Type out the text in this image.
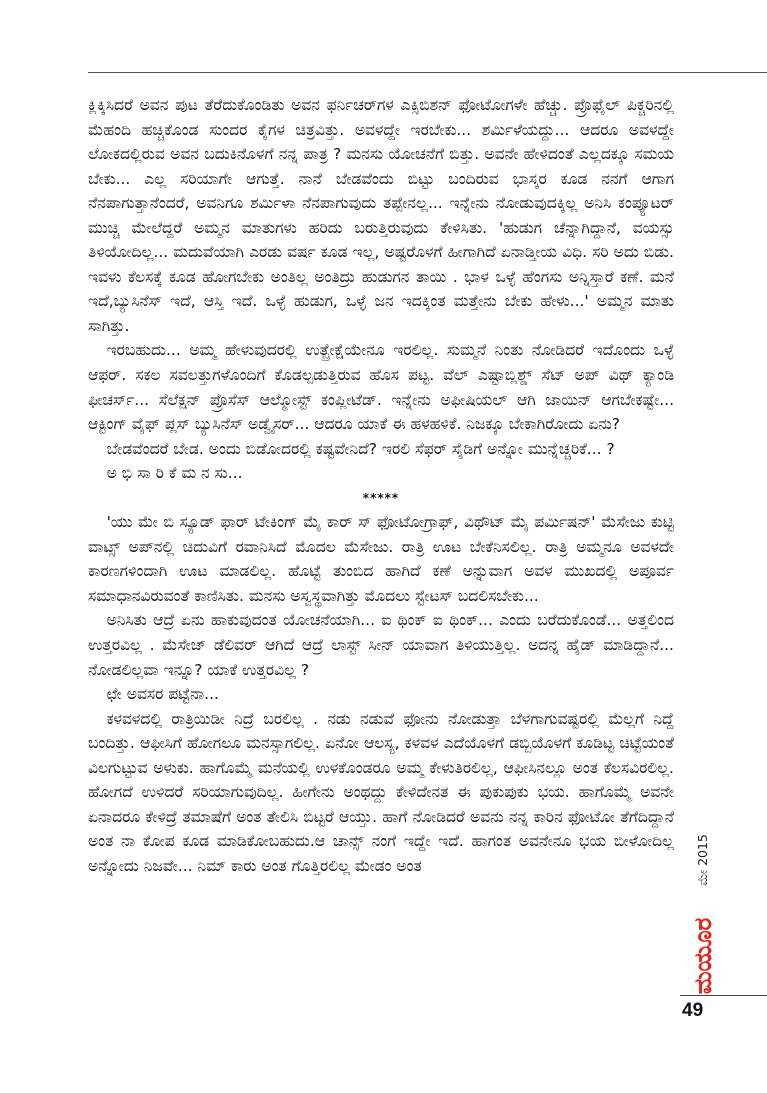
ಕ್ಲಿಕ್ಕಿಸಿದರೆ ಅವನ ಪುಟ ತೆರೆದುಕೊಂಡಿತು ಅವನ ಫರ್ನಿಚರ್‌ಗಳ ಎಕ್ಸಿಬಿಶನ್ ಫೋಟೋಗಳೇ ಹೆಚ್ಚು. ಪ್ರೊಫೈಲ್ ಪಿಕ್ಚರಿನಲ್ಲಿ ಮೆಹಂದಿ ಹಚ್ಚಿಕೊಂಡ ಸುಂದರ ಕೈಗಳ ಚಿತ್ರವಿತ್ತು. ಅವಳದ್ದೇ ಇರಬೇಕು... ಶರ್ಮಿಳೆಯದ್ದು... ಆದರೂ ಅವಳದ್ದೇ ಲೋಕದಲ್ಲಿರುವ ಅವನ ಬದುಕಿನೊಳಗೆ ನನ್ನ ಪಾತ್ರ ? ಮನಸು ಯೋಚನೆಗೆ ಬಿತ್ತು. ಅವನೇ ಹೇಳಿದಂತೆ ಎಲ್ಲದಕ್ಕೂ ಸಮಯ ಬೇಕು... ಎಲ್ಲ ಸರಿಯಾಗೇ ಆಗುತ್ತೆ. ನಾನೆ ಬೇಡವೆಂದು ಬಿಟ್ಟು ಬಂದಿರುವ ಭಾಸ್ಕರ ಕೂಡ ನನಗೆ ಆಗಾಗ ನೆನಪಾಗುತ್ತಾನೆಂದರೆ, ಅವನಿಗೂ ಶರ್ಮಿಳಾ ನೆನಪಾಗುವುದು ತಪ್ಪೇನಲ್ಲ... ಇನ್ನೇನು ನೋಡುವುದಕ್ಕಿಲ್ಲ ಅನಿಸಿ ಕಂಪ್ಯೂಟರ್ ಮುಚ್ಚಿ ಮೇಲೆದ್ದರೆ ಅಮ್ಮನ ಮಾತುಗಳು ಹರಿದು ಬರುತ್ತಿರುವುದು ಕೇಳಿಸಿತು. 'ಹುಡುಗ ಚೆನ್ನಾಗಿದ್ದಾನೆ, ವಯಸ್ಸು ತಿಳಿಯೋದಿಲ್ಲ... ಮದುವೆಯಾಗಿ ಎರಡು ವರ್ಷ ಕೂಡ ಇಲ್ಲ, ಅಷ್ಟರೊಳಗೆ ಹೀಗಾಗಿದೆ ಏನಾಡ್ತೀಯ ವಿಧಿ. ಸರಿ ಅದು ಬಿಡು. ಇವಳು ಕೆಲಸಕ್ಕೆ ಕೂಡ ಹೋಗಬೇಕು ಅಂತಿಲ್ಲ ಅಂತಿದ್ರು ಹುಡುಗನ ತಾಯಿ . ಭಾಳ ಒಳ್ಳೆ ಹೆಂಗಸು ಅನ್ನಿಸ್ತಾರೆ ಕಣೆ. ಮನೆ ಇದೆ,ಬ್ಯುಸಿನೆಸ್ ಇದೆ, ಆಸ್ತಿ ಇದೆ. ಒಳ್ಳೆ ಹುಡುಗ, ಒಳ್ಳೆ ಜನ ಇದಕ್ಕಿಂತ ಮತ್ತೇನು ಬೇಕು ಹೇಳು...' ಅಮ್ಮನ ಮಾತು ಸಾಗಿತ್ತು.

ಇರಬಹುದು... ಅಮ್ಮ ಹೇಳುವುದರಲ್ಲಿ ಉತ್ಪ್ರೇಕ್ಷೆಯೇನೂ ಇರಲಿಲ್ಲ. ಸುಮ್ಮನೆ ನಿಂತು ನೋಡಿದರೆ ಇದೊಂದು ಒಳ್ಳೆ ಆಫರ್. ಸಕಲ ಸವಲತ್ತುಗಳೊಂದಿಗೆ ಕೊಡಲ್ಪಡುತ್ತಿರುವ ಹೊಸ ಪಟ್ಟ. ವೆಲ್ ಎಷ್ಟಾಬ್ಲಿಶ್ಡ್ ಸೆಟ್ ಅಪ್ ವಿಥ್ ಕ್ಯಾಂಡಿ ಫೀಚರ್ಸ್... ಸೆಲೆಕ್ಷನ್ ಪ್ರೊಸೆಸ್ ಆಲ್ಮೋಸ್ಟ್ ಕಂಪ್ಲೀಟೆಡ್. ಇನ್ನೇನು ಅಫೀಷಿಯಲ್ ಆಗಿ ಜಾಯಿನ್ ಆಗಬೇಕಷ್ಟೇ... ಆಕ್ಟಿಂಗ್ ವೈಫ್ ಪ್ಲಸ್ ಬ್ಯುಸಿನೆಸ್ ಅಡ್ವೈಸರ್... ಆದರೂ ಯಾಕೆ ಈ ಹಳಹಳಿಕೆ. ನಿಜಕ್ಕೂ ಬೇಕಾಗಿರೋದು ಏನು?

ಬೇಡವೆಂದರೆ ಬೇಡ. ಅಂದು ಬಿಡೋದರಲ್ಲಿ ಕಷ್ಟವೇನಿದೆ? ಇರಲಿ ಸೆಫರ್ ಸೈಡಿಗೆ ಅನ್ನೋ ಮುನ್ನೆಚ್ಚರಿಕೆ... ?

ಅ ಭಿ ಸಾ ರಿ ಕೆ ಮ ನ ಸು...

*****

'ಯು ಮೇ ಬಿ ಸ್ಯೂಡ್ ಫಾರ್ ಟೇಕಿಂಗ್ ಮೈ ಕಾರ್ ಸ್ ಫೋಟೋಗ್ರಾಫ್, ವಿಥೌಟ್ ಮೈ ಪರ್ಮಿಷನ್' ಮೆಸೇಜು ಕುಟ್ಟಿ ವಾಟ್ಸ್ ಅಪ್‌ನಲ್ಲಿ ಚಿದುವಿಗೆ ರವಾನಿಸಿದೆ ಮೊದಲ ಮೆಸೇಜು. ರಾತ್ರಿ ಊಟ ಬೇಕೆನಿಸಲಿಲ್ಲ. ರಾತ್ರಿ ಅಮ್ಮನೂ ಅವಳದೇ ಕಾರಣಗಳಿಂದಾಗಿ ಊಟ ಮಾಡಲಿಲ್ಲ. ಹೊಟ್ಟೆ ತುಂಬಿದ ಹಾಗಿದೆ ಕಣೆ ಅನ್ನುವಾಗ ಅವಳ ಮುಖದಲ್ಲಿ ಅಪೂರ್ವ ಸಮಾಧಾನವಿರುವಂತೆ ಕಾಣಿಸಿತು. ಮನಸು ಅಸ್ವಸ್ಥವಾಗಿತ್ತು ಮೊದಲು ಸ್ಟೇಟಸ್ ಬದಲಿಸಬೇಕು...

ಅನಿಸಿತು ಆದ್ರೆ ಏನು ಹಾಕುವುದಂತ ಯೋಚನೆಯಾಗಿ... ಐ ಥಿಂಕ್ ಐ ಥಿಂಕ್... ಎಂದು ಬರೆದುಕೊಂಡೆ... ಅತ್ತಲಿಂದ ಉತ್ತರವಿಲ್ಲ . ಮೆಸೇಜ್ ಡೆಲಿವರ್ ಆಗಿದೆ ಆದ್ರೆ ಲಾಸ್ಟ್ ಸೀನ್ ಯಾವಾಗ ತಿಳಿಯುತ್ತಿಲ್ಲ. ಅದನ್ನ ಹೈಡ್ ಮಾಡಿದ್ದಾನೆ... ನೋಡಲಿಲ್ಲವಾ ಇನ್ನೂ? ಯಾಕೆ ಉತ್ತರವಿಲ್ಲ ?

ಛೇ ಅವಸರ ಪಟ್ಟೆನಾ...

ಕಳವಳದಲ್ಲಿ ರಾತ್ರಿಯಿಡೀ ನಿದ್ರೆ ಬರಲಿಲ್ಲ . ನಡು ನಡುವೆ ಫೋನು ನೋಡುತ್ತಾ ಬೆಳಗಾಗುವಷ್ಟರಲ್ಲಿ ಮೆಲ್ಲಗೆ ನಿದ್ದೆ ಬಂದಿತ್ತು. ಆಫೀಸಿಗೆ ಹೋಗಲೂ ಮನಸ್ಸಾಗಲಿಲ್ಲ. ಏನೋ ಆಲಸ್ಯ, ಕಳವಳ ಎದೆಯೊಳಗೆ ಡಬ್ಬಿಯೊಳಗೆ ಕೂಡಿಟ್ಟ ಚಿಟ್ಟೆಯಂತೆ ವಿಲಗುಟ್ಟುವ ಅಳುಕು. ಹಾಗೊಮ್ಮೆ ಮನೆಯಲ್ಲಿ ಉಳಕೊಂಡರೂ ಅಮ್ಮ ಕೇಳುತಿರಲಿಲ್ಲ, ಆಫೀಸಿನಲ್ಲೂ ಅಂತ ಕೆಲಸವಿರಲಿಲ್ಲ. ಹೋಗದೆ ಉಳಿದರೆ ಸರಿಯಾಗುವುದಿಲ್ಲ. ಹೀಗೇನು ಅಂಥದ್ದು ಕೇಳಿದೇನತ ಈ ಪುಕುಪುಕು ಭಯ. ಹಾಗೊಮ್ಮೆ ಅವನೇ ಏನಾದರೂ ಕೇಳಿದ್ರೆ ತಮಾಷೆಗೆ ಅಂತ ತೇಲಿಸಿ ಬಿಟ್ಟರೆ ಆಯ್ತು. ಹಾಗೆ ನೋಡಿದರೆ ಅವನು ನನ್ನ ಕಾರಿನ ಫೋಟೋ ತೆಗೆದಿದ್ದಾನೆ ಅಂತ ನಾ ಕೋಪ ಕೂಡ ಮಾಡಿಕೋಬಹುದು.ಆ ಚಾನ್ಸ್ ನಂಗೆ ಇದ್ದೇ ಇದೆ. ಹಾಗಂತ ಅವನೇನೂ ಭಯ ಬೀಳೋದಿಲ್ಲ ಅನ್ನೋದು ನಿಜವೇ... ನಿಮ್ ಕಾರು ಅಂತ ಗೊತ್ತಿರಲಿಲ್ಲ ಮೇಡಂ ಅಂತ

ಮಯೂರ
ಮೇ 2015
49
